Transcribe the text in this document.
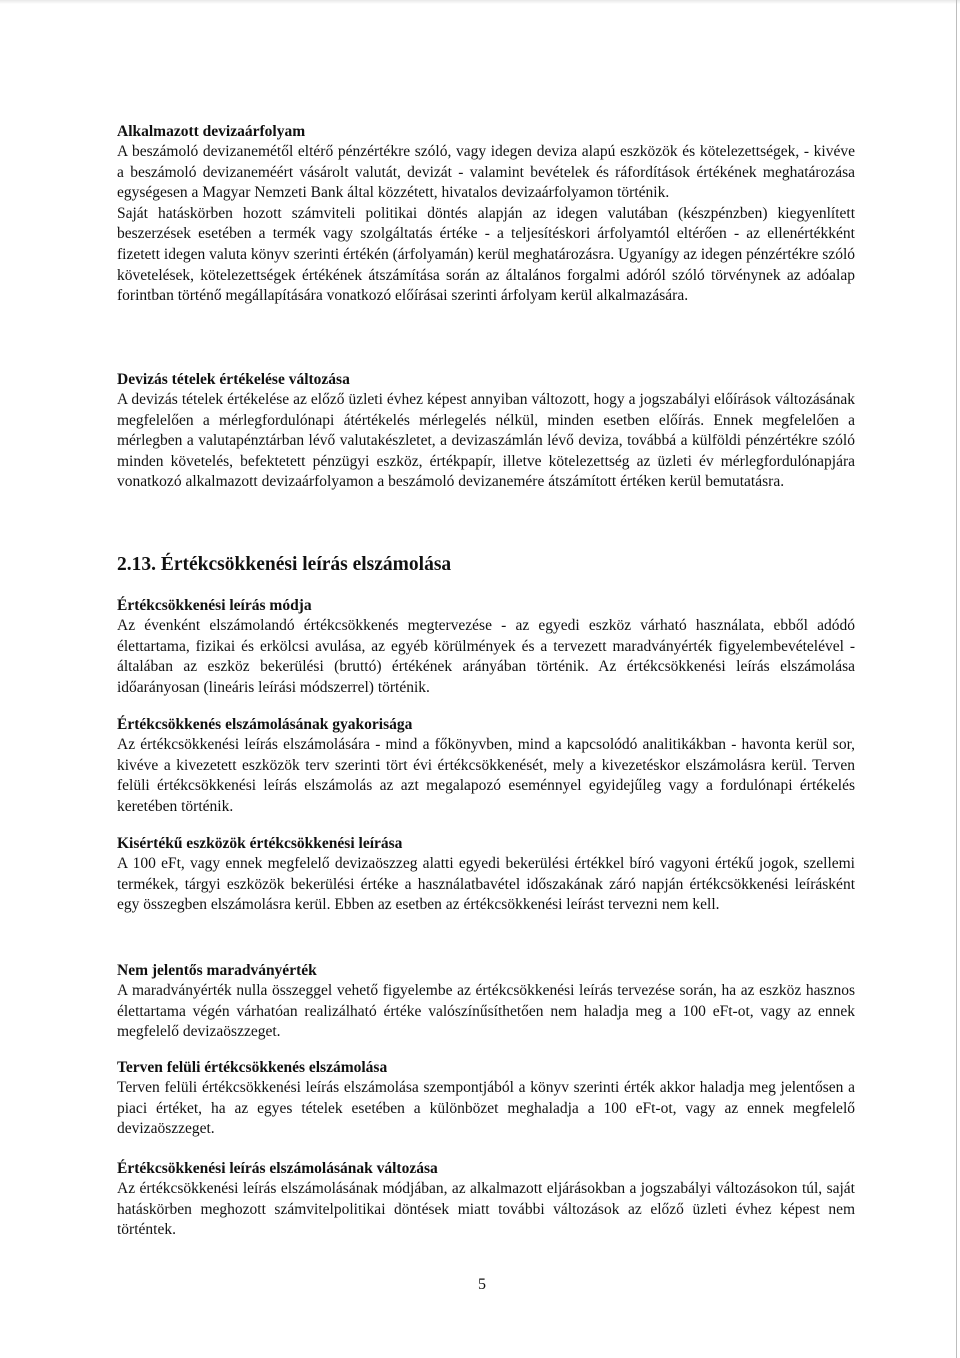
Alkalmazott devizaárfolyam

A beszámoló devizanemétől eltérő pénzértékre szóló, vagy idegen deviza alapú eszközök és kötelezettségek, - kivéve a beszámoló devizaneméért vásárolt valutát, devizát - valamint bevételek és ráfordítások értékének meghatározása egységesen a Magyar Nemzeti Bank által közzétett, hivatalos devizaárfolyamon történik.

Saját hatáskörben hozott számviteli politikai döntés alapján az idegen valutában (készpénzben) kiegyenlített beszerzések esetében a termék vagy szolgáltatás értéke - a teljesítéskori árfolyamtól eltérően - az ellenértékként fizetett idegen valuta könyv szerinti értékén (árfolyamán) kerül meghatározásra. Ugyanígy az idegen pénzértékre szóló követelések, kötelezettségek értékének átszámítása során az általános forgalmi adóról szóló törvénynek az adóalap forintban történő megállapítására vonatkozó előírásai szerinti árfolyam kerül alkalmazására.

Devizás tételek értékelése változása

A devizás tételek értékelése az előző üzleti évhez képest annyiban változott, hogy a jogszabályi előírások változásának megfelelően a mérlegfordulónapi átértékelés mérlegelés nélkül, minden esetben előírás. Ennek megfelelően a mérlegben a valutapénztárban lévő valutakészletet, a devizaszámlán lévő deviza, továbbá a külföldi pénzértékre szóló minden követelés, befektetett pénzügyi eszköz, értékpapír, illetve kötelezettség az üzleti év mérlegfordulónapjára vonatkozó alkalmazott devizaárfolyamon a beszámoló devizanemére átszámított értéken kerül bemutatásra.

2.13. Értékcsökkenési leírás elszámolása
Értékcsökkenési leírás módja

Az évenként elszámolandó értékcsökkenés megtervezése - az egyedi eszköz várható használata, ebből adódó élettartama, fizikai és erkölcsi avulása, az egyéb körülmények és a tervezett maradványérték figyelembevételével - általában az eszköz bekerülési (bruttó) értékének arányában történik. Az értékcsökkenési leírás elszámolása időarányosan (lineáris leírási módszerrel) történik.

Értékcsökkenés elszámolásának gyakorisága

Az értékcsökkenési leírás elszámolására - mind a főkönyvben, mind a kapcsolódó analitikákban - havonta kerül sor, kivéve a kivezetett eszközök terv szerinti tört évi értékcsökkenését, mely a kivezetéskor elszámolásra kerül. Terven felüli értékcsökkenési leírás elszámolás az azt megalapozó eseménnyel egyidejűleg vagy a fordulónapi értékelés keretében történik.

Kisértékű eszközök értékcsökkenési leírása

A 100 eFt, vagy ennek megfelelő devizaöszzeg alatti egyedi bekerülési értékkel bíró vagyoni értékű jogok, szellemi termékek, tárgyi eszközök bekerülési értéke a használatbavétel időszakának záró napján értékcsökkenési leírásként egy összegben elszámolásra kerül. Ebben az esetben az értékcsökkenési leírást tervezni nem kell.

Nem jelentős maradványérték

A maradványérték nulla összeggel vehető figyelembe az értékcsökkenési leírás tervezése során, ha az eszköz hasznos élettartama végén várhatóan realizálható értéke valószínűsíthetően nem haladja meg a 100 eFt-ot, vagy az ennek megfelelő devizaöszzeget.

Terven felüli értékcsökkenés elszámolása

Terven felüli értékcsökkenési leírás elszámolása szempontjából a könyv szerinti érték akkor haladja meg jelentősen a piaci értéket, ha az egyes tételek esetében a különbözet meghaladja a 100 eFt-ot, vagy az ennek megfelelő devizaöszzeget.

Értékcsökkenési leírás elszámolásának változása

Az értékcsökkenési leírás elszámolásának módjában, az alkalmazott eljárásokban a jogszabályi változásokon túl, saját hatáskörben meghozott számvitelpolitikai döntések miatt további változások az előző üzleti évhez képest nem történtek.

5
